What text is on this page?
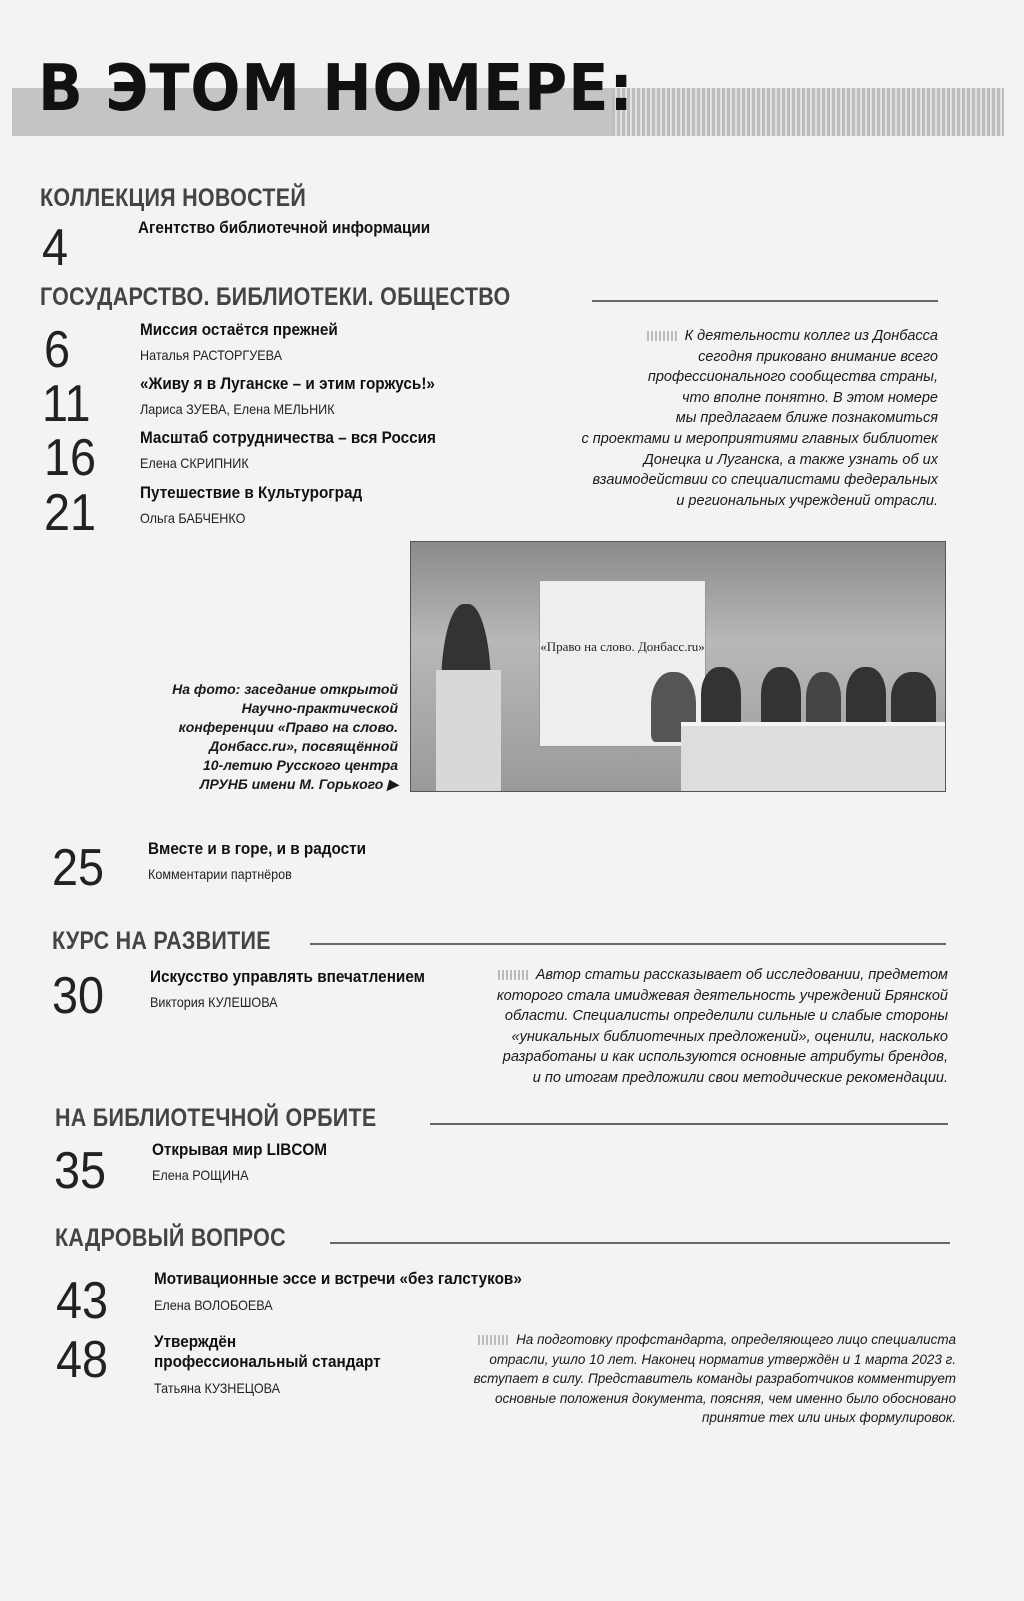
В ЭТОМ НОМЕРЕ:
КОЛЛЕКЦИЯ НОВОСТЕЙ
4	Агентство библиотечной информации
ГОСУДАРСТВО. БИБЛИОТЕКИ. ОБЩЕСТВО
6	Миссия остаётся прежней
Наталья РАСТОРГУЕВА
11	«Живу я в Луганске – и этим горжусь!»
Лариса ЗУЕВА, Елена МЕЛЬНИК
16	Масштаб сотрудничества – вся Россия
Елена СКРИПНИК
21	Путешествие в Культуроград
Ольга БАБЧЕНКО
К деятельности коллег из Донбасса
сегодня приковано внимание всего
профессионального сообщества страны,
что вполне понятно. В этом номере
мы предлагаем ближе познакомиться
с проектами и мероприятиями главных библиотек
Донецка и Луганска, а также узнать об их
взаимодействии со специалистами федеральных
и региональных учреждений отрасли.
«Право на слово. Донбасс.ru»
На фото: заседание открытой
Научно-практической
конференции «Право на слово.
Донбасс.ru», посвящённой
10-летию Русского центра
ЛРУНБ имени М. Горького ▶
25	Вместе и в горе, и в радости
Комментарии партнёров
КУРС НА РАЗВИТИЕ
30	Искусство управлять впечатлением
Виктория КУЛЕШОВА
Автор статьи рассказывает об исследовании, предметом
которого стала имиджевая деятельность учреждений Брянской
области. Специалисты определили сильные и слабые стороны
«уникальных библиотечных предложений», оценили, насколько
разработаны и как используются основные атрибуты брендов,
и по итогам предложили свои методические рекомендации.
НА БИБЛИОТЕЧНОЙ ОРБИТЕ
35	Открывая мир LIBCOM
Елена РОЩИНА
КАДРОВЫЙ ВОПРОС
43	Мотивационные эссе и встречи «без галстуков»
Елена ВОЛОБОЕВА
48	Утверждён
профессиональный стандарт
Татьяна КУЗНЕЦОВА
На подготовку профстандарта, определяющего лицо специалиста
отрасли, ушло 10 лет. Наконец норматив утверждён и 1 марта 2023 г.
вступает в силу. Представитель команды разработчиков комментирует
основные положения документа, поясняя, чем именно было обосновано
принятие тех или иных формулировок.
